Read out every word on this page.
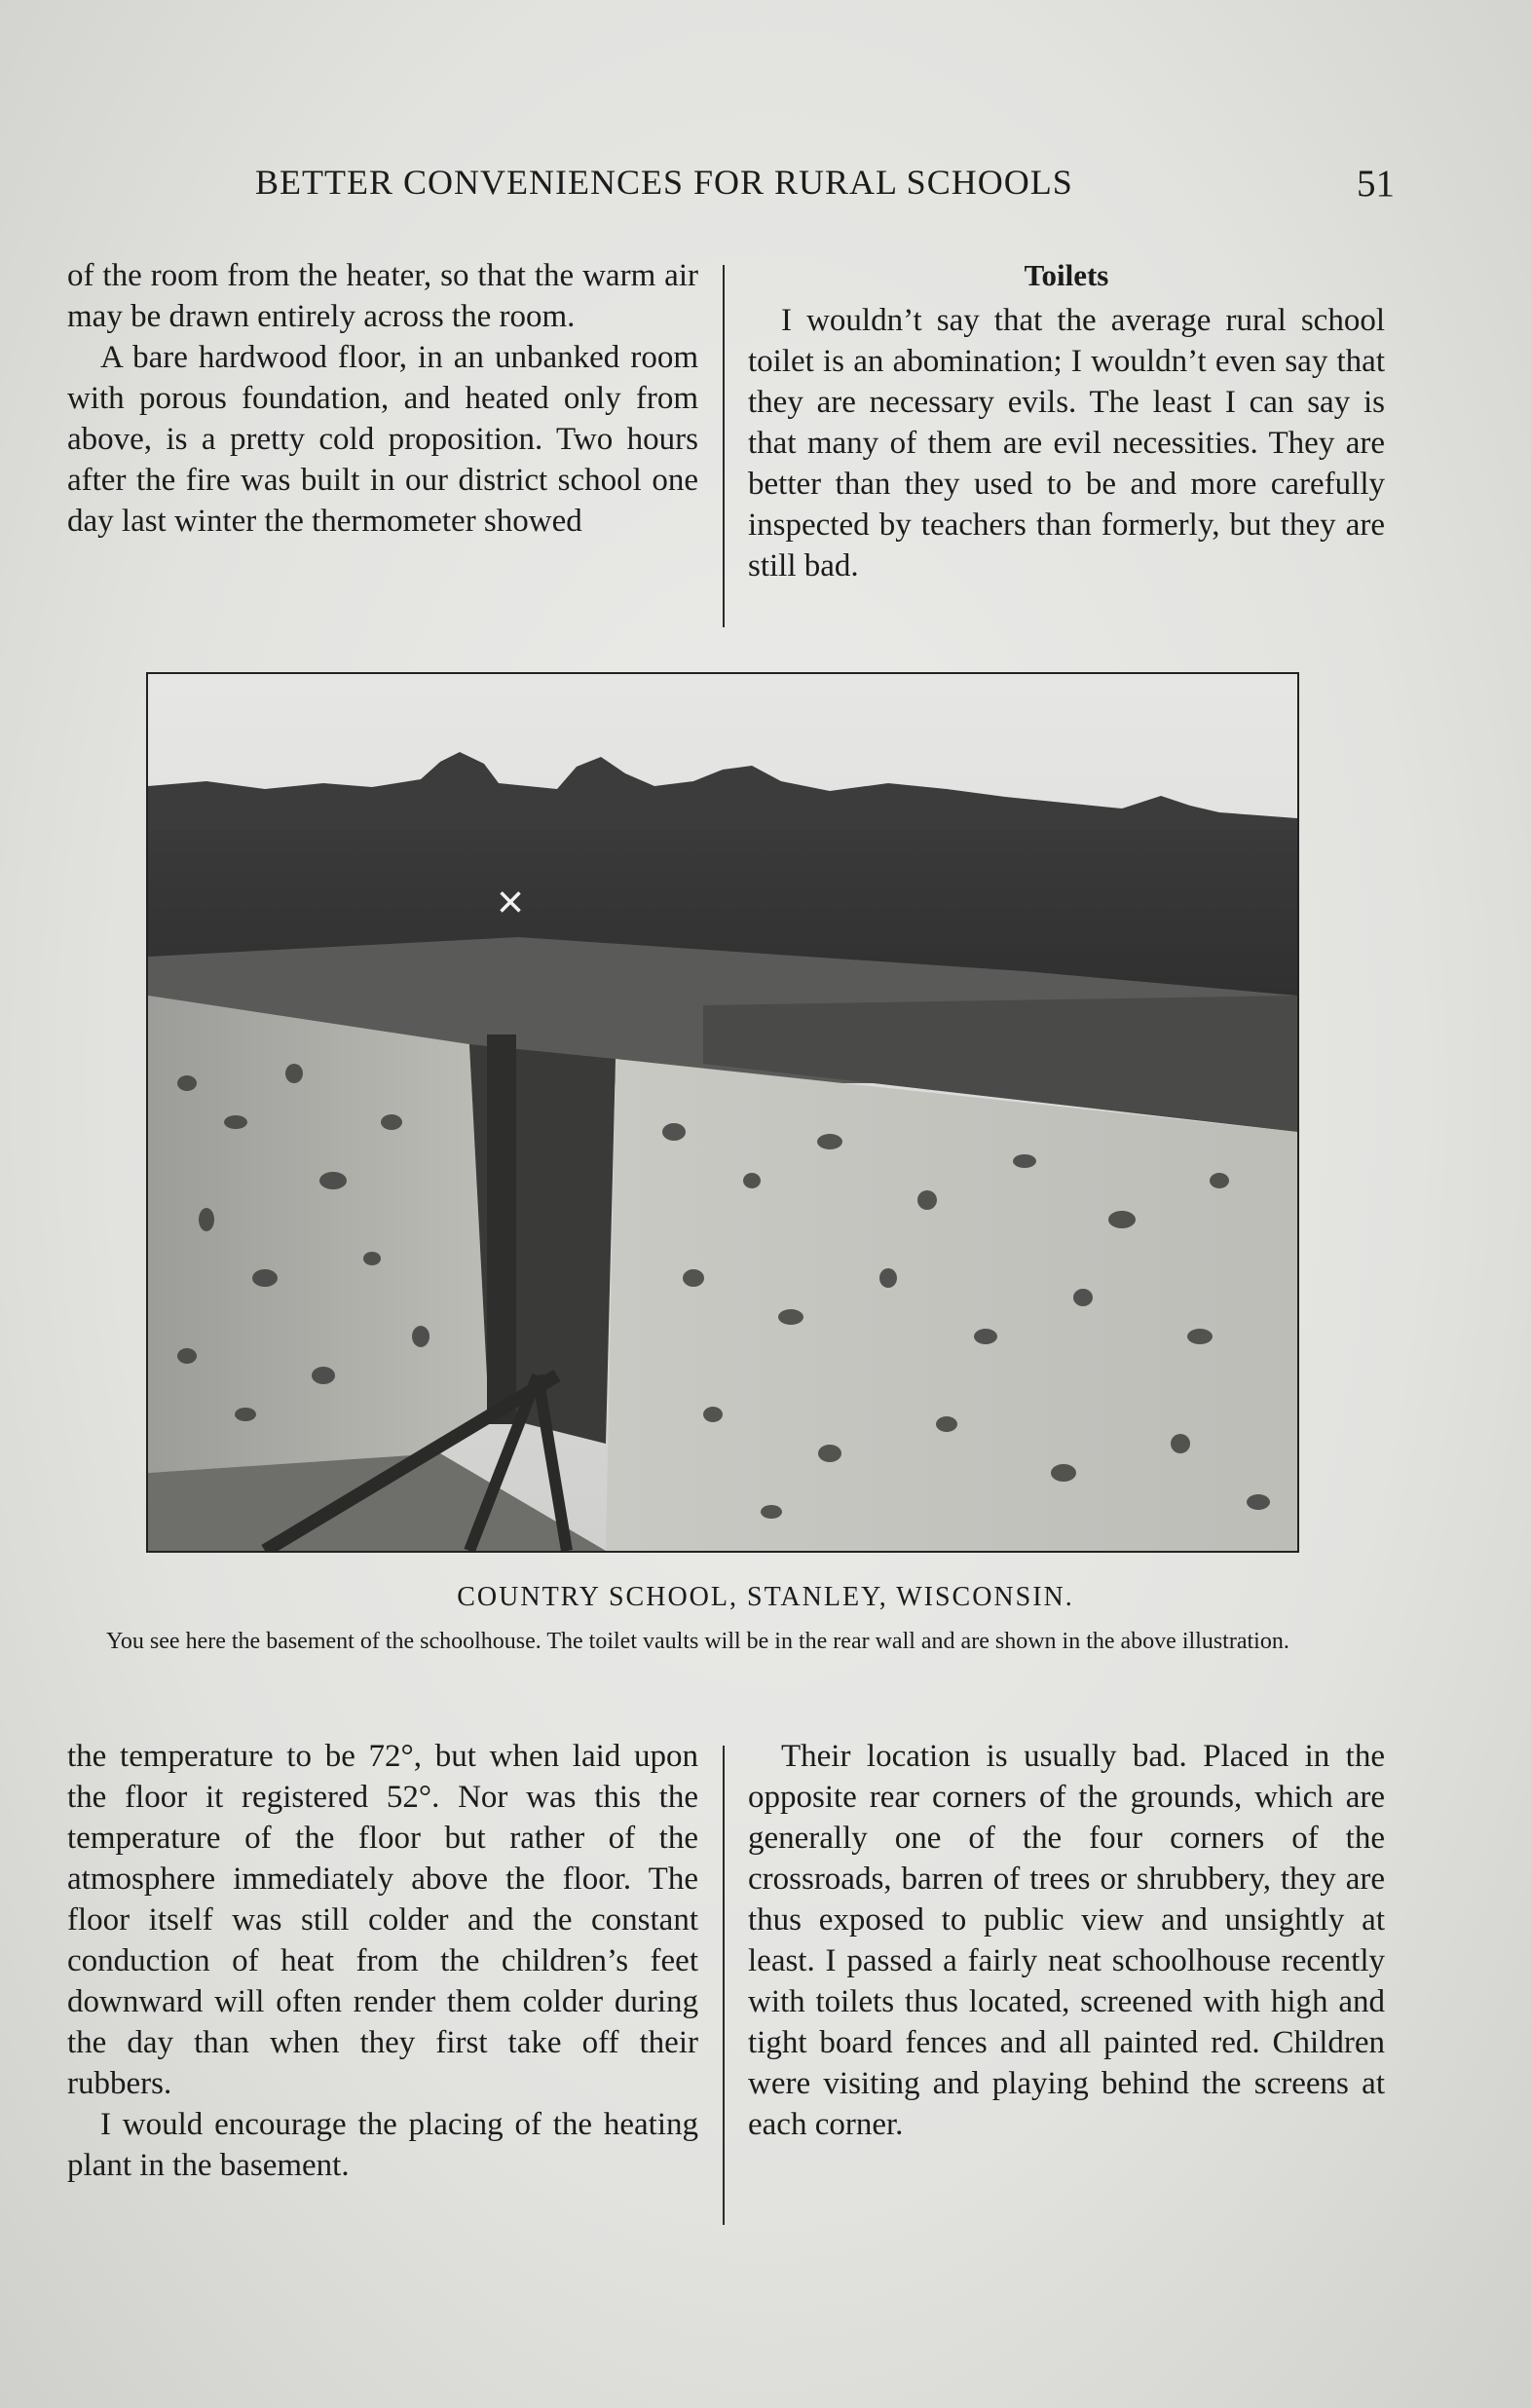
BETTER CONVENIENCES FOR RURAL SCHOOLS	51

of the room from the heater, so that the warm air may be drawn entirely across the room.

A bare hardwood floor, in an unbanked room with porous foundation, and heated only from above, is a pretty cold proposition. Two hours after the fire was built in our district school one day last winter the thermometer showed

Toilets

I wouldn’t say that the average rural school toilet is an abomination; I wouldn’t even say that they are necessary evils. The least I can say is that many of them are evil necessities. They are better than they used to be and more carefully inspected by teachers than formerly, but they are still bad.

×
COUNTRY SCHOOL, STANLEY, WISCONSIN.
You see here the basement of the schoolhouse. The toilet vaults will be in the rear wall and are shown in the above illustration.

the temperature to be 72°, but when laid upon the floor it registered 52°. Nor was this the temperature of the floor but rather of the atmosphere immediately above the floor. The floor itself was still colder and the constant conduction of heat from the children’s feet downward will often render them colder during the day than when they first take off their rubbers.

I would encourage the placing of the heating plant in the basement.

Their location is usually bad. Placed in the opposite rear corners of the grounds, which are generally one of the four corners of the crossroads, barren of trees or shrubbery, they are thus exposed to public view and unsightly at least. I passed a fairly neat schoolhouse recently with toilets thus located, screened with high and tight board fences and all painted red. Children were visiting and playing behind the screens at each corner.
